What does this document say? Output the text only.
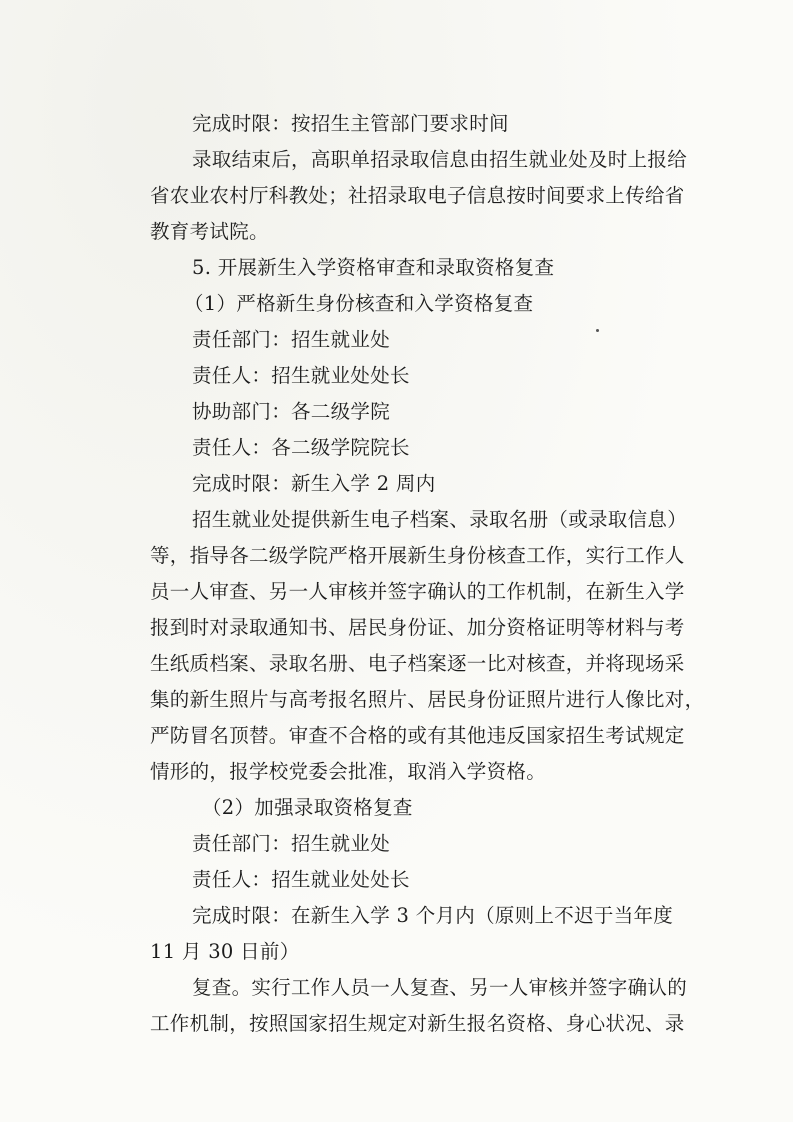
完成时限：按招生主管部门要求时间
录取结束后，高职单招录取信息由招生就业处及时上报给
省农业农村厅科教处；社招录取电子信息按时间要求上传给省
教育考试院。
5. 开展新生入学资格审查和录取资格复查
（1）严格新生身份核查和入学资格复查
责任部门：招生就业处
责任人：招生就业处处长
协助部门：各二级学院
责任人：各二级学院院长
完成时限：新生入学 2 周内
招生就业处提供新生电子档案、录取名册（或录取信息）
等，指导各二级学院严格开展新生身份核查工作，实行工作人
员一人审查、另一人审核并签字确认的工作机制，在新生入学
报到时对录取通知书、居民身份证、加分资格证明等材料与考
生纸质档案、录取名册、电子档案逐一比对核查，并将现场采
集的新生照片与高考报名照片、居民身份证照片进行人像比对，
严防冒名顶替。审查不合格的或有其他违反国家招生考试规定
情形的，报学校党委会批准，取消入学资格。
（2）加强录取资格复查
责任部门：招生就业处
责任人：招生就业处处长
完成时限：在新生入学 3 个月内（原则上不迟于当年度
11 月 30 日前）
复查。实行工作人员一人复查、另一人审核并签字确认的
工作机制，按照国家招生规定对新生报名资格、身心状况、录
